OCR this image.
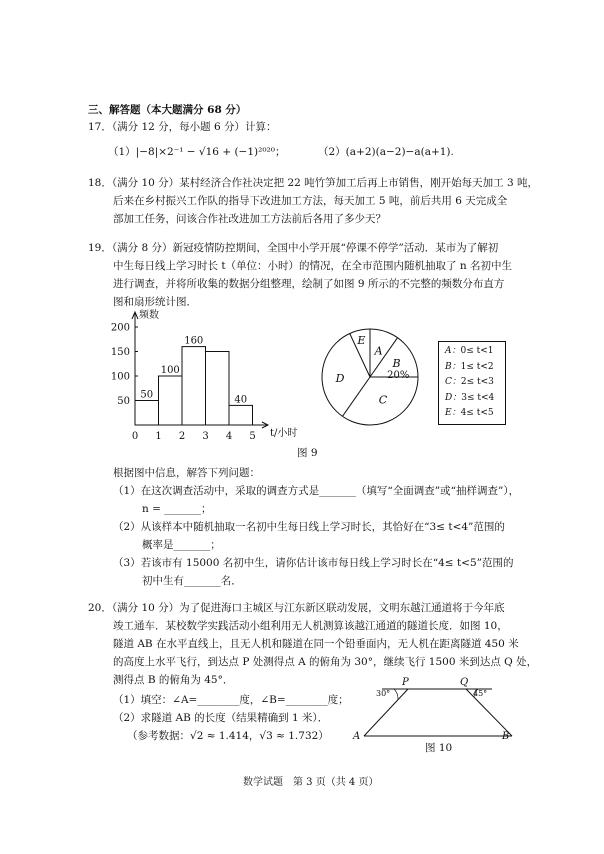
三、解答题（本大题满分 68 分）
17．（满分 12 分，每小题 6 分）计算：
（1）|−8|×2⁻¹ − √16 + (−1)²⁰²⁰；	（2）(a+2)(a−2)−a(a+1).
18．（满分 10 分）某村经济合作社决定把 22 吨竹笋加工后再上市销售，刚开始每天加工 3 吨，
后来在乡村振兴工作队的指导下改进加工方法，每天加工 5 吨，前后共用 6 天完成全
部加工任务，问该合作社改进加工方法前后各用了多少天？
19．（满分 8 分）新冠疫情防控期间，全国中小学开展“停课不停学”活动．某市为了解初
中生每日线上学习时长 t（单位：小时）的情况，在全市范围内随机抽取了 n 名初中生
进行调查，并将所收集的数据分组整理，绘制了如图 9 所示的不完整的频数分布直方
图和扇形统计图．
频数
t/小时
50
100
150
200
0 1 2 3 4 5
50
100
160
40
A
B
C
D
E
20%
A：0≤ t<1
B：1≤ t<2
C：2≤ t<3
D：3≤ t<4
E：4≤ t<5
图 9
根据图中信息，解答下列问题：
（1）在这次调查活动中，采取的调查方式是_______（填写“全面调查”或“抽样调查”），
n = _______；
（2）从该样本中随机抽取一名初中生每日线上学习时长，其恰好在“3≤ t<4”范围的
概率是_______；
（3）若该市有 15000 名初中生，请你估计该市每日线上学习时长在“4≤ t<5”范围的
初中生有_______名．
20．（满分 10 分）为了促进海口主城区与江东新区联动发展，文明东越江通道将于今年底
竣工通车．某校数学实践活动小组利用无人机测算该越江通道的隧道长度．如图 10，
隧道 AB 在水平直线上，且无人机和隧道在同一个铅垂面内，无人机在距离隧道 450 米
的高度上水平飞行，到达点 P 处测得点 A 的俯角为 30°，继续飞行 1500 米到达点 Q 处，
测得点 B 的俯角为 45°．
（1）填空：∠A=________度，∠B=________度；
（2）求隧道 AB 的长度（结果精确到 1 米）．
（参考数据：√2 ≈ 1.414，√3 ≈ 1.732）
30°	45°
P	Q
A	B
图 10
数学试题　第 3 页（共 4 页）
